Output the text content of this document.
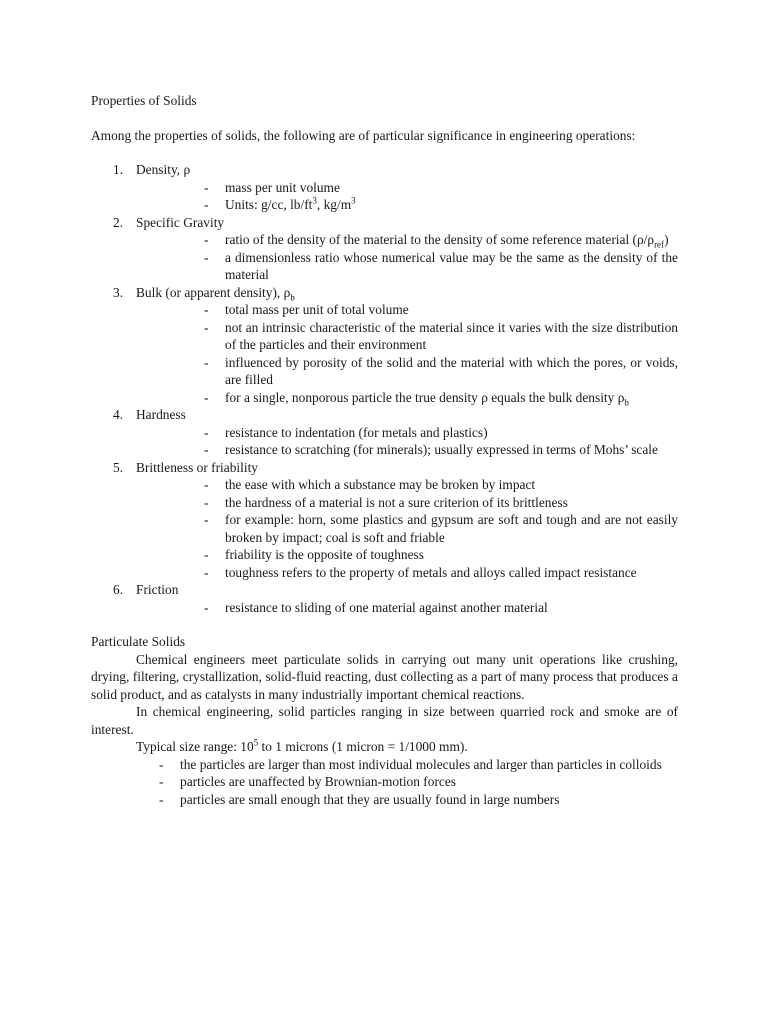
Properties of Solids

Among the properties of solids, the following are of particular significance in engineering operations:

1. Density, ρ
- mass per unit volume
- Units: g/cc, $lb/ft^3$, $kg/m^3$
2. Specific Gravity
- ratio of the density of the material to the density of some reference material $(\rho/\rho_{ref})$
- a dimensionless ratio whose numerical value may be the same as the density of the material
3. Bulk (or apparent density), $\rho_b$
- total mass per unit of total volume
- not an intrinsic characteristic of the material since it varies with the size distribution of the particles and their environment
- influenced by porosity of the solid and the material with which the pores, or voids, are filled
- for a single, nonporous particle the true density ρ equals the bulk density $\rho_b$
4. Hardness
- resistance to indentation (for metals and plastics)
- resistance to scratching (for minerals); usually expressed in terms of Mohs’ scale
5. Brittleness or friability
- the ease with which a substance may be broken by impact
- the hardness of a material is not a sure criterion of its brittleness
- for example: horn, some plastics and gypsum are soft and tough and are not easily broken by impact; coal is soft and friable
- friability is the opposite of toughness
- toughness refers to the property of metals and alloys called impact resistance
6. Friction
- resistance to sliding of one material against another material

Particulate Solids

Chemical engineers meet particulate solids in carrying out many unit operations like crushing, drying, filtering, crystallization, solid-fluid reacting, dust collecting as a part of many process that produces a solid product, and as catalysts in many industrially important chemical reactions.

In chemical engineering, solid particles ranging in size between quarried rock and smoke are of interest.

Typical size range: $10^5$ to 1 microns (1 micron = 1/1000 mm).
- the particles are larger than most individual molecules and larger than particles in colloids
- particles are unaffected by Brownian-motion forces
- particles are small enough that they are usually found in large numbers
